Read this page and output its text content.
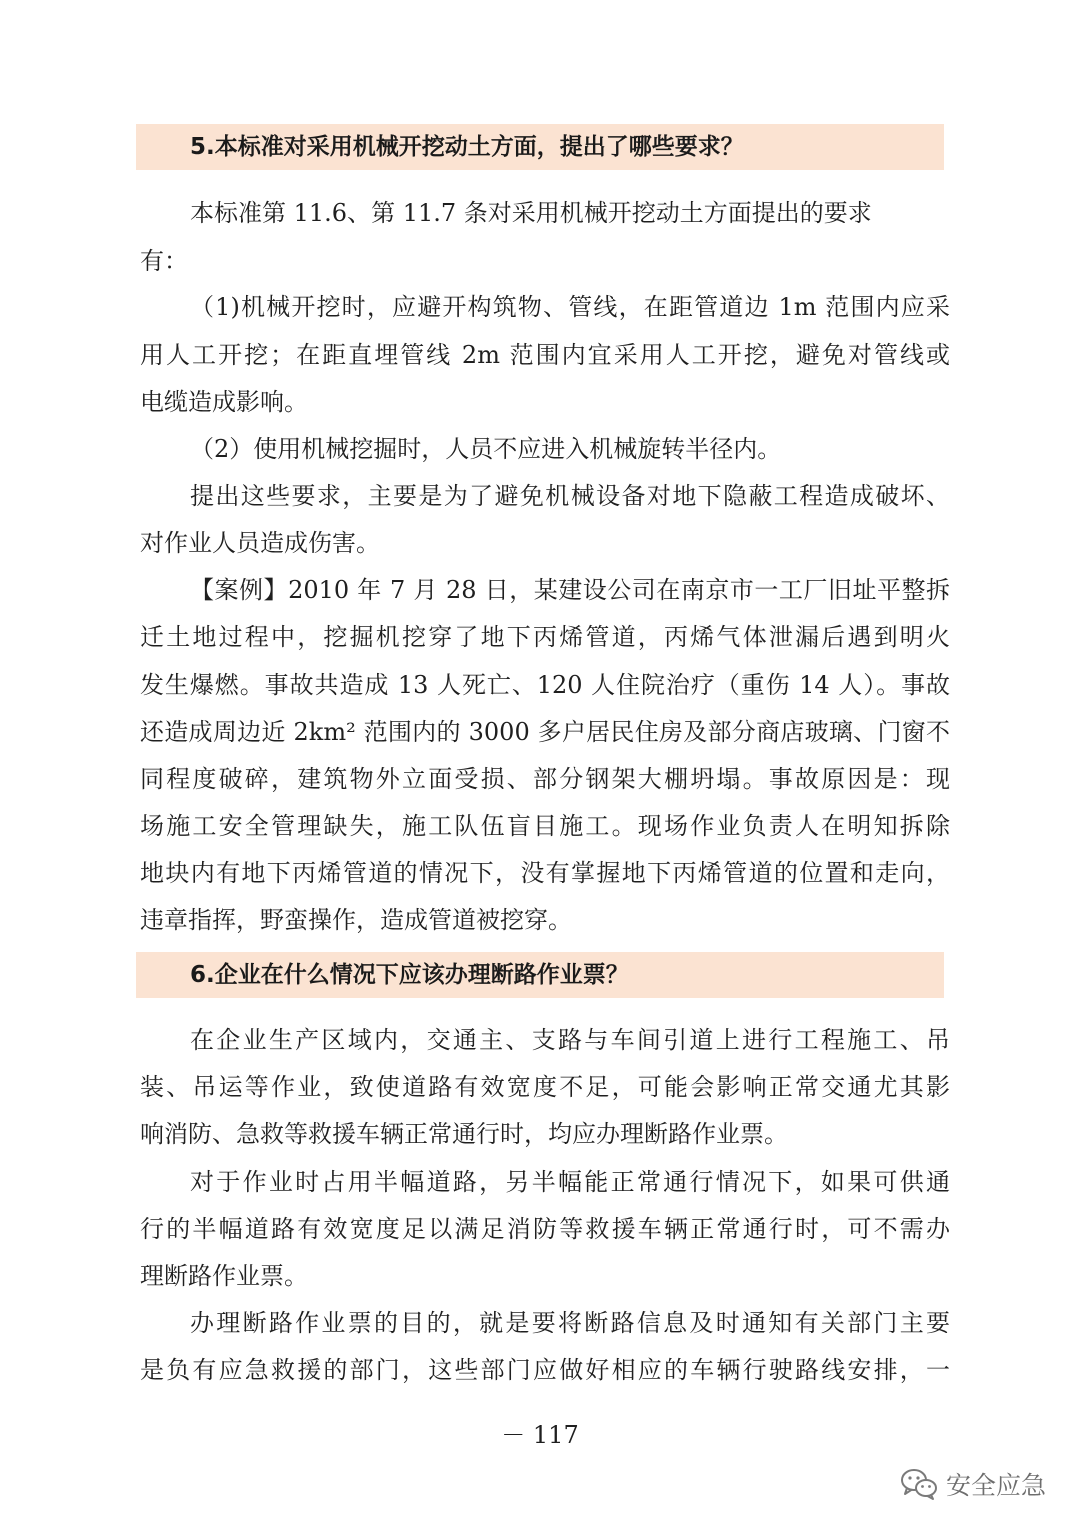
5.本标准对采用机械开挖动土方面，提出了哪些要求？
本标准第 11.6、第 11.7 条对采用机械开挖动土方面提出的要求
有：
（1)机械开挖时，应避开构筑物、管线，在距管道边 1m 范围内应采
用人工开挖；在距直埋管线 2m 范围内宜采用人工开挖，避免对管线或
电缆造成影响。
（2）使用机械挖掘时，人员不应进入机械旋转半径内。
提出这些要求，主要是为了避免机械设备对地下隐蔽工程造成破坏、
对作业人员造成伤害。
【案例】2010 年 7 月 28 日，某建设公司在南京市一工厂旧址平整拆
迁土地过程中，挖掘机挖穿了地下丙烯管道，丙烯气体泄漏后遇到明火
发生爆燃。事故共造成 13 人死亡、120 人住院治疗（重伤 14 人）。事故
还造成周边近 2km² 范围内的 3000 多户居民住房及部分商店玻璃、门窗不
同程度破碎，建筑物外立面受损、部分钢架大棚坍塌。事故原因是：现
场施工安全管理缺失，施工队伍盲目施工。现场作业负责人在明知拆除
地块内有地下丙烯管道的情况下，没有掌握地下丙烯管道的位置和走向，
违章指挥，野蛮操作，造成管道被挖穿。
6.企业在什么情况下应该办理断路作业票？
在企业生产区域内，交通主、支路与车间引道上进行工程施工、吊
装、吊运等作业，致使道路有效宽度不足，可能会影响正常交通尤其影
响消防、急救等救援车辆正常通行时，均应办理断路作业票。
对于作业时占用半幅道路，另半幅能正常通行情况下，如果可供通
行的半幅道路有效宽度足以满足消防等救援车辆正常通行时，可不需办
理断路作业票。
办理断路作业票的目的，就是要将断路信息及时通知有关部门主要
是负有应急救援的部门，这些部门应做好相应的车辆行驶路线安排，一
－ 117
安全应急
